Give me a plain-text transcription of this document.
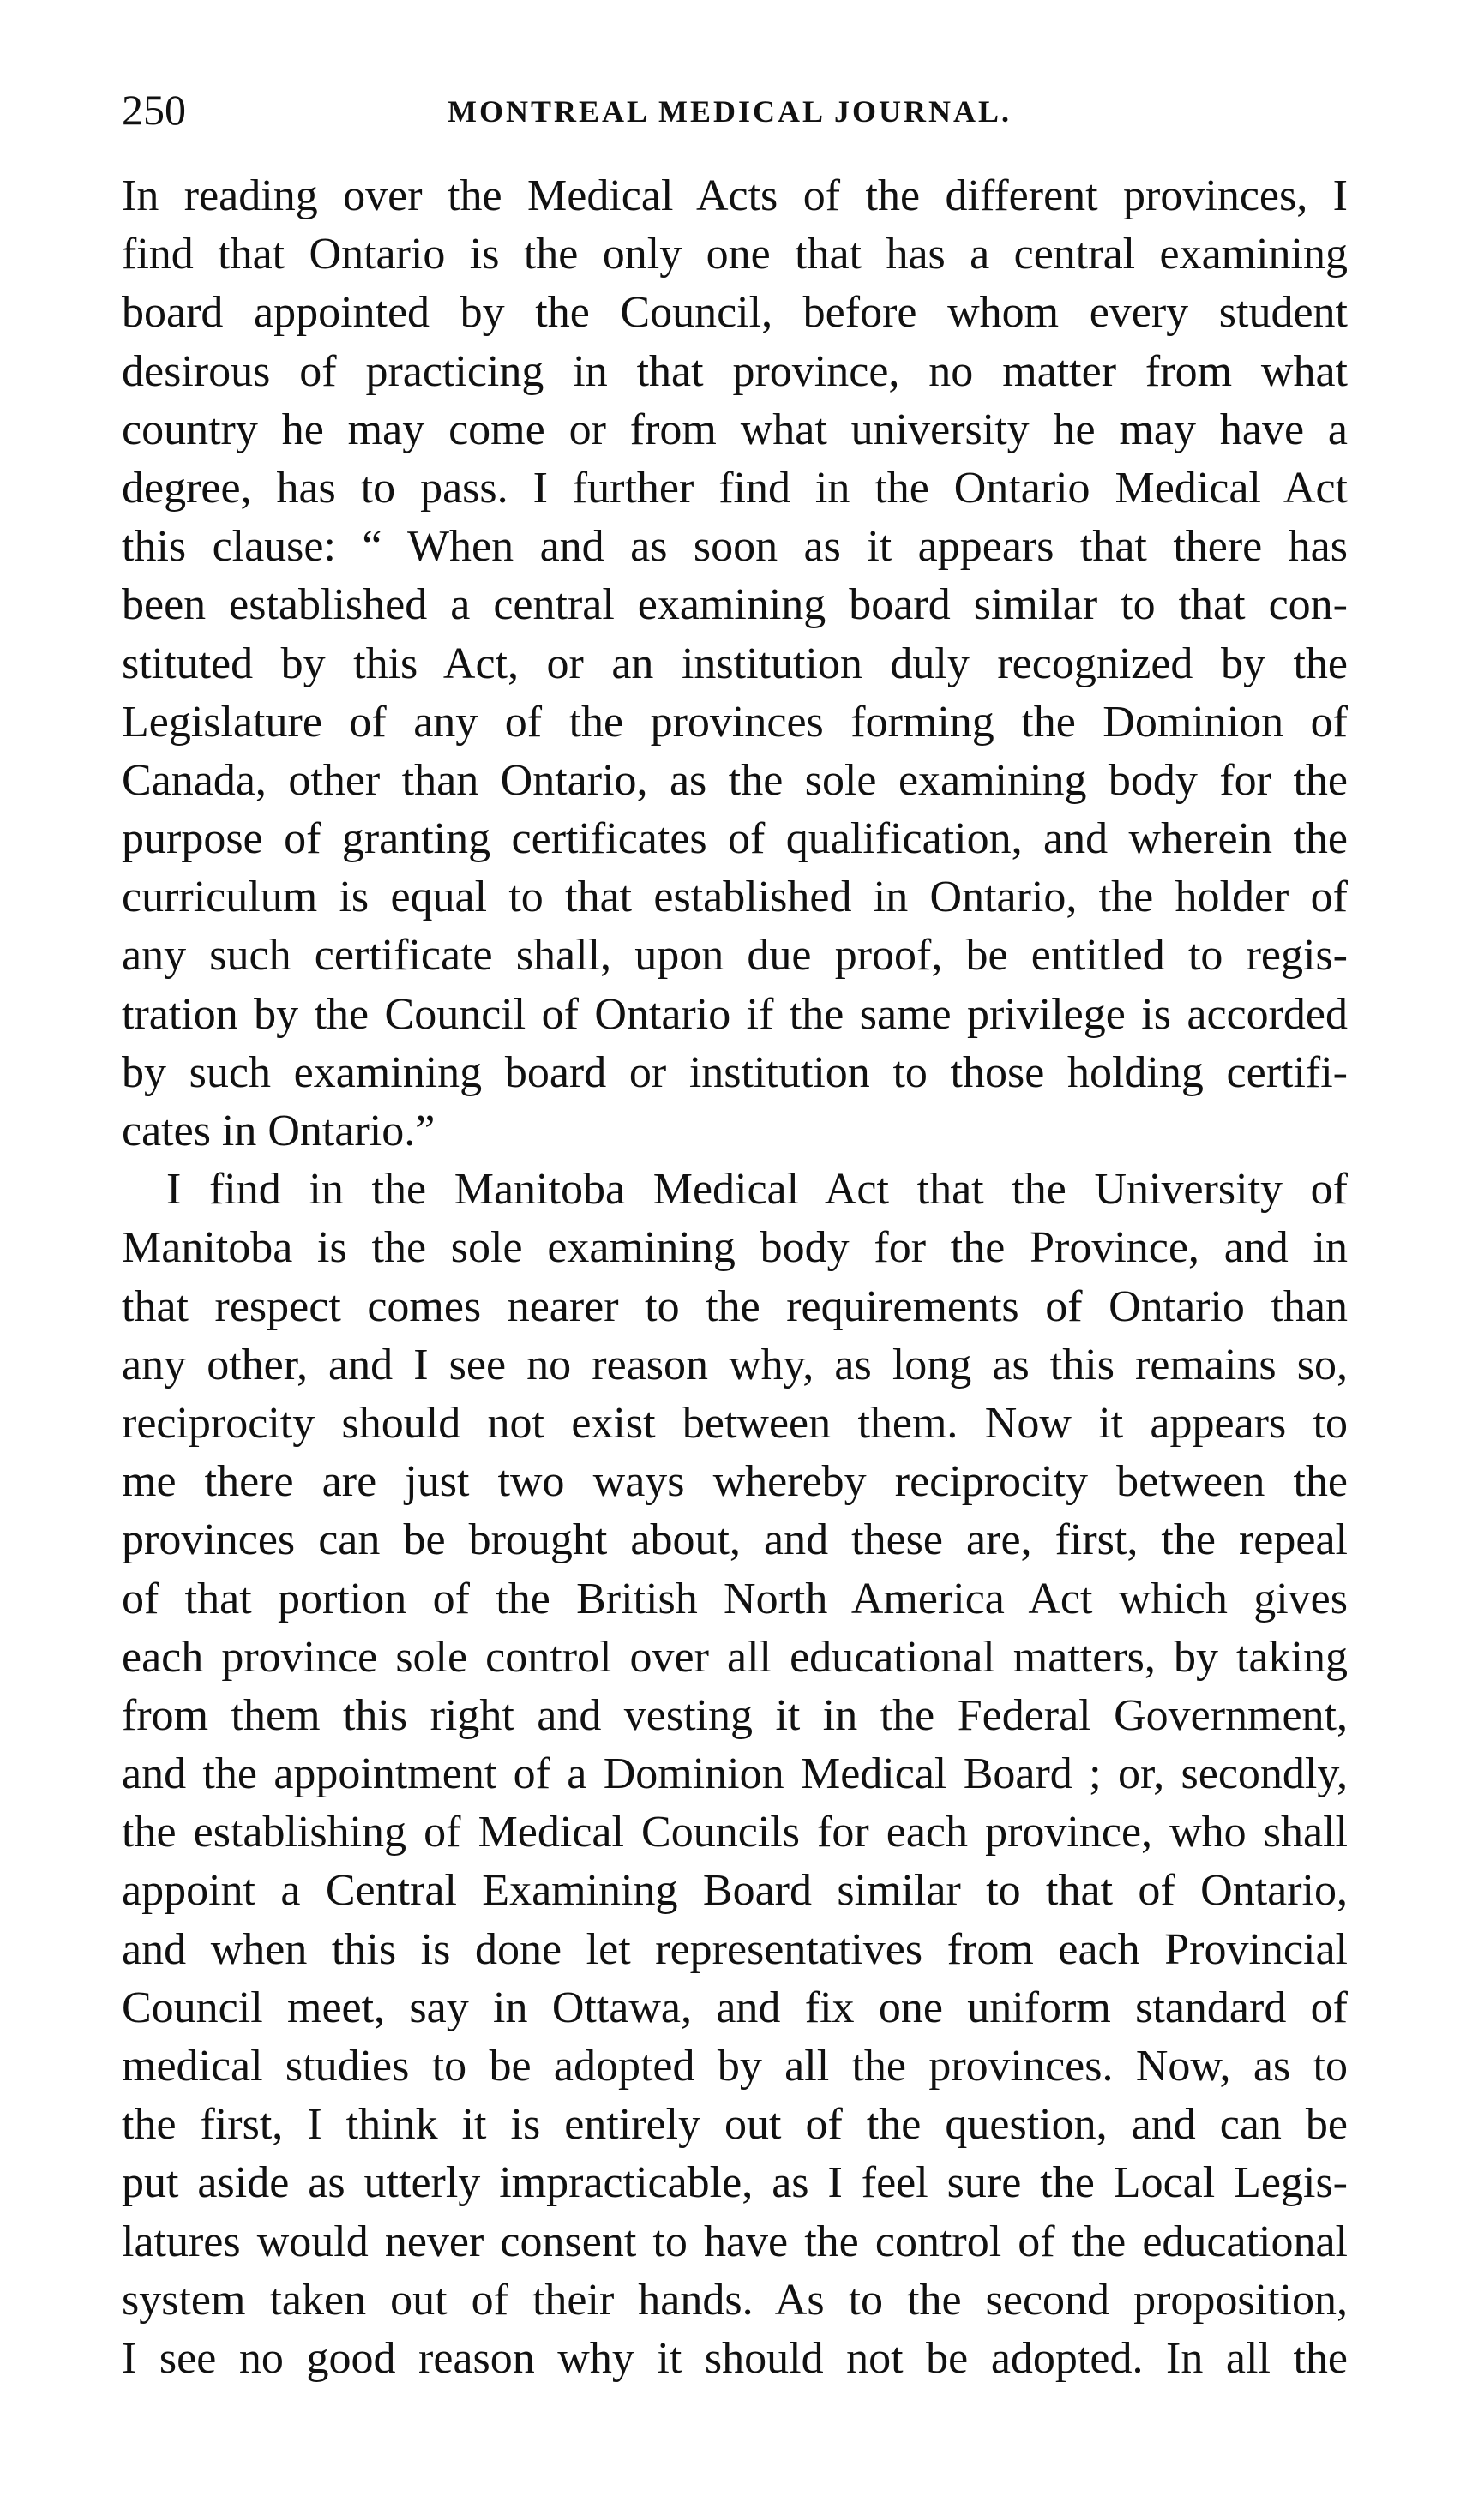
250	MONTREAL MEDICAL JOURNAL.
In reading over the Medical Acts of the different provinces, I
find that Ontario is the only one that has a central examining
board appointed by the Council, before whom every student
desirous of practicing in that province, no matter from what
country he may come or from what university he may have a
degree, has to pass. I further find in the Ontario Medical Act
this clause: “ When and as soon as it appears that there has
been established a central examining board similar to that con-
stituted by this Act, or an institution duly recognized by the
Legislature of any of the provinces forming the Dominion of
Canada, other than Ontario, as the sole examining body for the
purpose of granting certificates of qualification, and wherein the
curriculum is equal to that established in Ontario, the holder of
any such certificate shall, upon due proof, be entitled to regis-
tration by the Council of Ontario if the same privilege is accorded
by such examining board or institution to those holding certifi-
cates in Ontario.”
I find in the Manitoba Medical Act that the University of
Manitoba is the sole examining body for the Province, and in
that respect comes nearer to the requirements of Ontario than
any other, and I see no reason why, as long as this remains so,
reciprocity should not exist between them. Now it appears to
me there are just two ways whereby reciprocity between the
provinces can be brought about, and these are, first, the repeal
of that portion of the British North America Act which gives
each province sole control over all educational matters, by taking
from them this right and vesting it in the Federal Government,
and the appointment of a Dominion Medical Board ; or, secondly,
the establishing of Medical Councils for each province, who shall
appoint a Central Examining Board similar to that of Ontario,
and when this is done let representatives from each Provincial
Council meet, say in Ottawa, and fix one uniform standard of
medical studies to be adopted by all the provinces. Now, as to
the first, I think it is entirely out of the question, and can be
put aside as utterly impracticable, as I feel sure the Local Legis-
latures would never consent to have the control of the educational
system taken out of their hands. As to the second proposition,
I see no good reason why it should not be adopted. In all the
